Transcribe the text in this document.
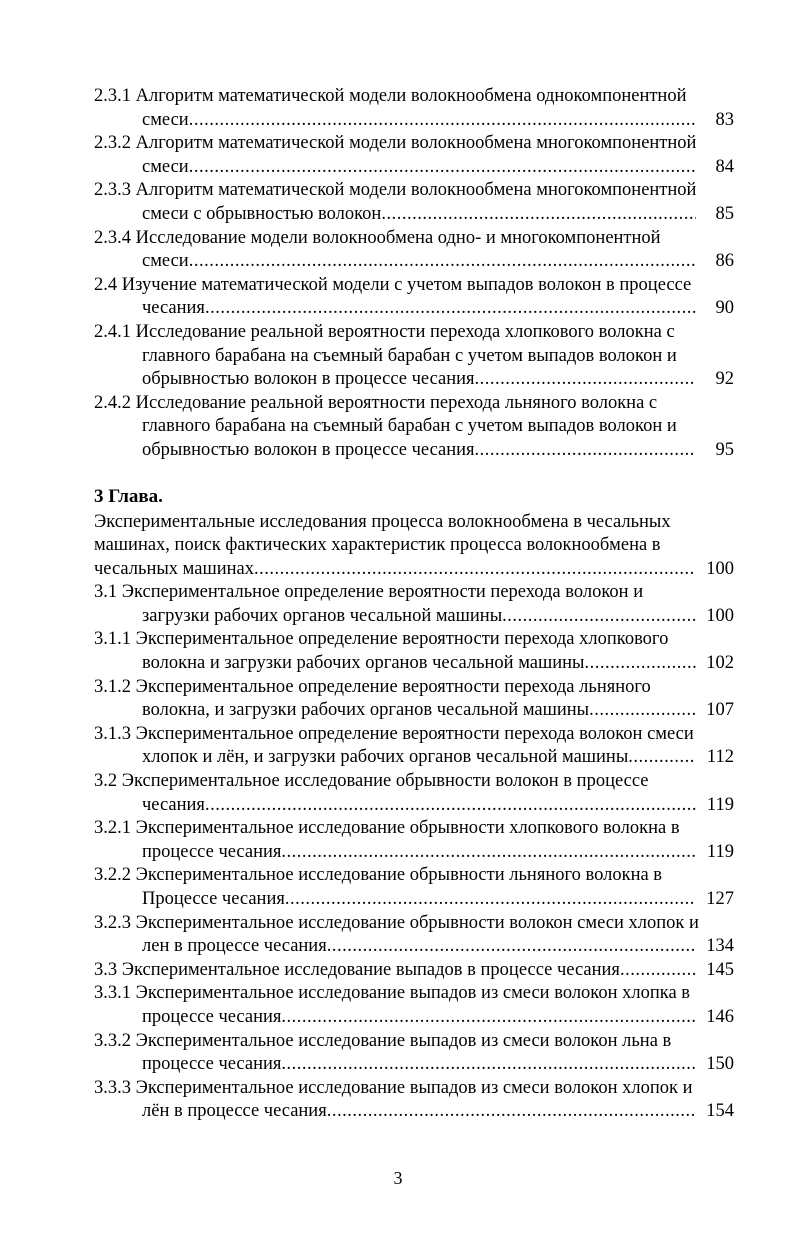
2.3.1 Алгоритм математической модели волокнообмена однокомпонентной
смеси .....	83
2.3.2 Алгоритм математической модели волокнообмена многокомпонентной
смеси .....	84
2.3.3 Алгоритм математической модели волокнообмена многокомпонентной
смеси с обрывностью волокон .....	85
2.3.4 Исследование модели волокнообмена одно- и многокомпонентной
смеси .....	86
2.4 Изучение математической модели с учетом выпадов волокон в процессе
чесания .....	90
2.4.1 Исследование реальной вероятности перехода хлопкового волокна с
главного барабана на съемный барабан с учетом выпадов волокон и
обрывностью волокон в процессе чесания .....	92
2.4.2 Исследование реальной вероятности перехода льняного волокна с
главного барабана на съемный барабан с учетом выпадов волокон и
обрывностью волокон в процессе чесания .....	95
3 Глава.
Экспериментальные исследования процесса волокнообмена в чесальных
машинах, поиск фактических характеристик процесса волокнообмена в
чесальных машинах .....	100
3.1 Экспериментальное определение вероятности перехода волокон и
загрузки рабочих органов чесальной машины .....	100
3.1.1 Экспериментальное определение вероятности перехода хлопкового
волокна и загрузки рабочих органов чесальной машины .....	102
3.1.2 Экспериментальное определение вероятности перехода льняного
волокна, и загрузки рабочих органов чесальной машины .....	107
3.1.3 Экспериментальное определение вероятности перехода волокон смеси
хлопок и лён, и загрузки рабочих органов чесальной машины .....	112
3.2 Экспериментальное исследование обрывности волокон в процессе
чесания .....	119
3.2.1 Экспериментальное исследование обрывности хлопкового волокна в
процессе чесания .....	119
3.2.2 Экспериментальное исследование обрывности льняного волокна в
Процессе чесания .....	127
3.2.3 Экспериментальное исследование обрывности волокон смеси хлопок и
лен в процессе чесания .....	134
3.3 Экспериментальное исследование выпадов в процессе чесания .....	145
3.3.1 Экспериментальное исследование выпадов из смеси волокон хлопка в
процессе чесания .....	146
3.3.2 Экспериментальное исследование выпадов из смеси волокон льна в
процессе чесания .....	150
3.3.3 Экспериментальное исследование выпадов из смеси волокон хлопок и
лён в процессе чесания .....	154
3
